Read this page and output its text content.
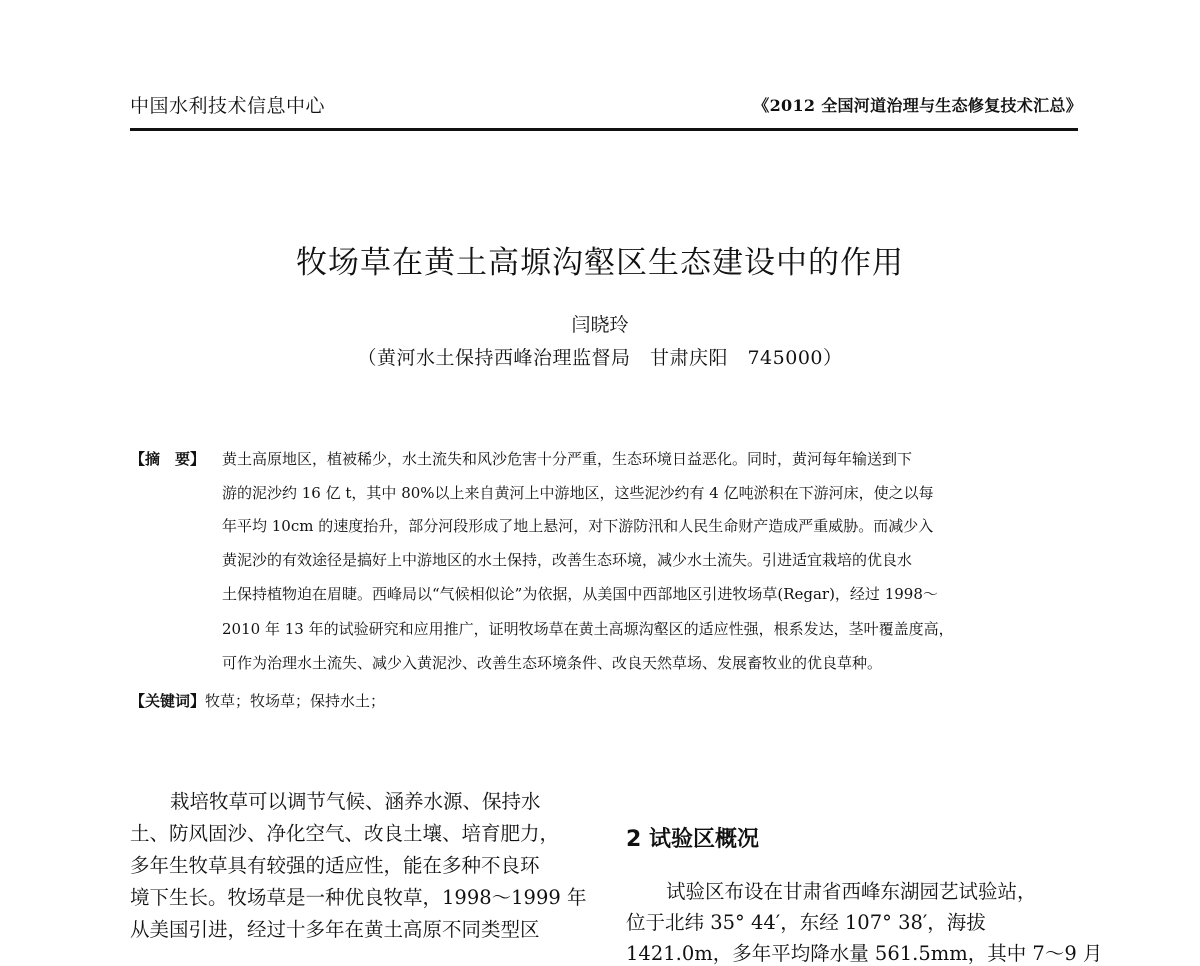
中国水利技术信息中心	《2012 全国河道治理与生态修复技术汇总》
牧场草在黄土高塬沟壑区生态建设中的作用
闫晓玲
（黄河水土保持西峰治理监督局　甘肃庆阳　745000）
【摘　要】	黄土高原地区，植被稀少，水土流失和风沙危害十分严重，生态环境日益恶化。同时，黄河每年输送到下
游的泥沙约 16 亿 t，其中 80%以上来自黄河上中游地区，这些泥沙约有 4 亿吨淤积在下游河床，使之以每
年平均 10cm 的速度抬升，部分河段形成了地上悬河，对下游防汛和人民生命财产造成严重威胁。而减少入
黄泥沙的有效途径是搞好上中游地区的水土保持，改善生态环境，减少水土流失。引进适宜栽培的优良水
土保持植物迫在眉睫。西峰局以“气候相似论”为依据，从美国中西部地区引进牧场草(Regar)，经过 1998～
2010 年 13 年的试验研究和应用推广，证明牧场草在黄土高塬沟壑区的适应性强，根系发达，茎叶覆盖度高，
可作为治理水土流失、减少入黄泥沙、改善生态环境条件、改良天然草场、发展畜牧业的优良草种。
【关键词】牧草；牧场草；保持水土；
栽培牧草可以调节气候、涵养水源、保持水
土、防风固沙、净化空气、改良土壤、培育肥力，
多年生牧草具有较强的适应性，能在多种不良环
境下生长。牧场草是一种优良牧草，1998～1999 年
从美国引进，经过十多年在黄土高原不同类型区
2 试验区概况
试验区布设在甘肃省西峰东湖园艺试验站，
位于北纬 35° 44′，东经 107° 38′，海拔
1421.0m，多年平均降水量 561.5mm，其中 7～9 月
